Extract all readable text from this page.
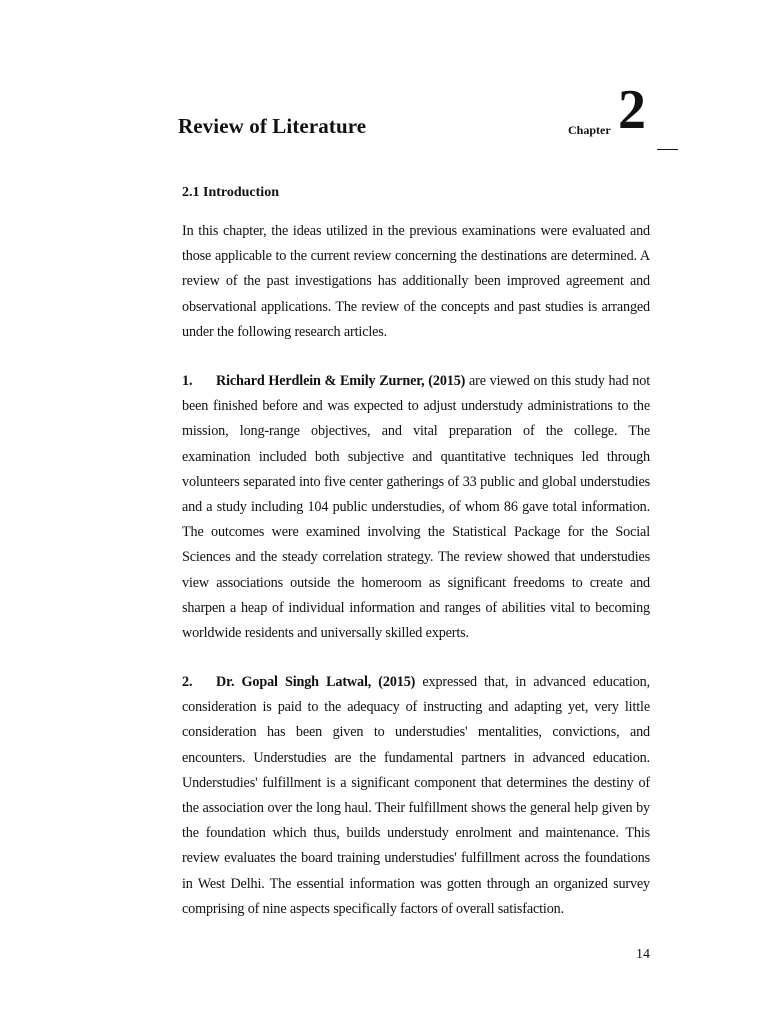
Review of Literature	Chapter 2
2.1 Introduction

In this chapter, the ideas utilized in the previous examinations were evaluated and those applicable to the current review concerning the destinations are determined. A review of the past investigations has additionally been improved agreement and observational applications. The review of the concepts and past studies is arranged under the following research articles.

1. Richard Herdlein & Emily Zurner, (2015) are viewed on this study had not been finished before and was expected to adjust understudy administrations to the mission, long-range objectives, and vital preparation of the college. The examination included both subjective and quantitative techniques led through volunteers separated into five center gatherings of 33 public and global understudies and a study including 104 public understudies, of whom 86 gave total information. The outcomes were examined involving the Statistical Package for the Social Sciences and the steady correlation strategy. The review showed that understudies view associations outside the homeroom as significant freedoms to create and sharpen a heap of individual information and ranges of abilities vital to becoming worldwide residents and universally skilled experts.

2. Dr. Gopal Singh Latwal, (2015) expressed that, in advanced education, consideration is paid to the adequacy of instructing and adapting yet, very little consideration has been given to understudies' mentalities, convictions, and encounters. Understudies are the fundamental partners in advanced education. Understudies' fulfillment is a significant component that determines the destiny of the association over the long haul. Their fulfillment shows the general help given by the foundation which thus, builds understudy enrolment and maintenance. This review evaluates the board training understudies' fulfillment across the foundations in West Delhi. The essential information was gotten through an organized survey comprising of nine aspects specifically factors of overall satisfaction.

14
